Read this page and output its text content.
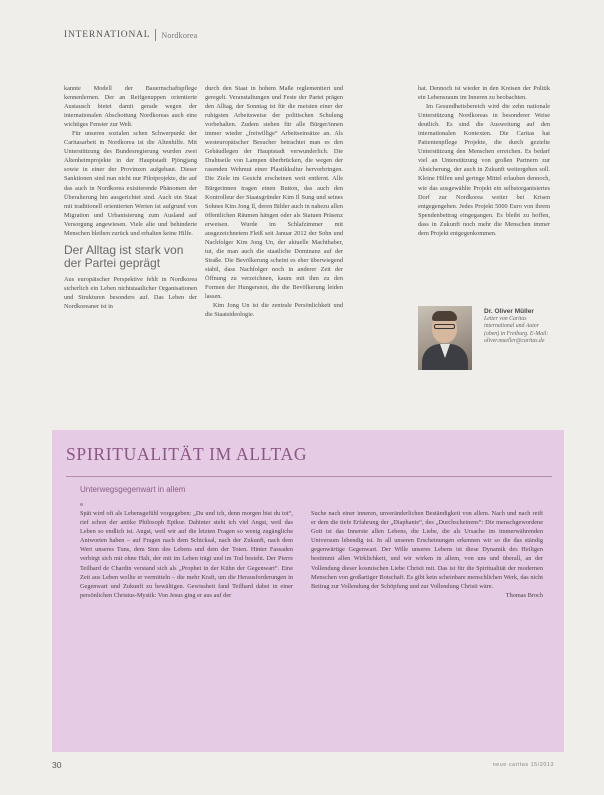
INTERNATIONAL Nordkorea

kannte Modell der Bauernschaftspflege kennenlernen. Der an Reifgenuppen orientierte Austausch bietet damit gerade wegen der internationalen Abschottung Nordkoreas auch eine wichtiges Fenster zur Welt.

Für unseren sozialen schen Schwerpunkt der Caritasarbeit in Nordkorea ist die Altenhilfe. Mit Unterstützung des Bundesregierung wurden zwei Altenheimprojekte in der Hauptstadt Pjöngjang sowie in einer der Provinzen aufgebaut. Dieser Sanktionen sind nun nicht nur Pilotprojekte, die auf das auch in Nordkorea existierende Phänomen der Überalterung hin ausgerichtet sind. Auch ein Staat mit traditionell orientierten Werten ist aufgrund von Migration und Urbanisierung zum Ausland auf Versorgung angewiesen. Viele alte und behinderte Menschen bleiben zurück und erhalten keine Hilfe.

Der Alltag ist stark von der Partei geprägt

Aus europäischer Perspektive fehlt in Nordkorea sicherlich ein Leben nichtstaatlicher Organisationen und Strukturen besonders auf. Das Leben der Nordkoreaner ist in

durch den Staat in hohem Maße reglementiert und geregelt. Veranstaltungen und Feste der Partei prägen den Alltag, der Sonntag ist für die meisten einer der ruhigsten Arbeitsweise der politischen Schulung vorbehalten. Zudem stehen für alle Bürger/innen immer wieder „freiwillige“ Arbeitseinsätze an. Als westeuropäischer Besucher betrachtet man es den Gebäudlegen der Hauptstadt verwunderlich. Die Drahtseile von Lampen überbrücken, die wegen der rasenden Wehmut einer Plastikkultur hervorbringen. Die Ziele im Gesicht erscheinen weit entfernt. Alle Bürgerinnen tragen einen Button, das auch den Kontrolleur der Staatsgründer Kim Il Sung und seines Sohnes Kim Jong Il, deren Bilder auch in nahezu allen öffentlichen Räumen hängen oder als Statuen Präsenz erweisen. Wurde im Schlafzimmer mit ausgezeichnetem Fleiß seit Januar 2012 der Sohn und Nachfolger Kim Jong Un, der aktuelle Machthaber, tut, die man auch die staatliche Dominanz auf der Straße. Die Bevölkerung scheint es eher überwiegend stabil, dass Nachfolger noch in anderer Zeit der Öffnung zu verzeichnen, kaum mit ihm zu den Formen der Hungersnot, die die Bevölkerung leiden lassen.

Kim Jong Un ist die zentrale Persönlichkeit und die Staatsideologie.

hat. Dennoch ist wieder in den Kreisen der Politik ein Lebensraum im Inneren zu beobachten.

Im Gesundheitsbereich wird die zehn nationale Unterstützung Nordkoreas in besonderer Weise deutlich. Es sind die Ausweitung auf den internationalen Kontexten. Die Caritas hat Patientenpflege Projekte, die durch gezielte Unterstützung den Menschen erreichen. Es bedarf viel an Unterstützung von großen Partnern zur Absicherung, der auch in Zukunft weitergehen soll. Kleine Hilfen und geringe Mittel erlauben dennoch, wie das ausgewählte Projekt ein selbstorganisiertes Dorf zur Nordkorea weiter bei Krisen entgegengehen. Jedes Projekt 5000 Euro von ihrem Spendenbeitrag eingegangen. Es bleibt zu hoffen, dass in Zukunft noch mehr die Menschen immer dem Projekt entgegenkommen.

Dr. Oliver Müller
Leiter von Caritas international und Autor (oben) in Freiburg. E-Mail: oliver.mueller@caritas.de
SPIRITUALITÄT IM ALLTAG
Unterwegsgegenwart in allem

Spät wird oft als Lebensgefühl vorgegeben: „Du und ich, denn morgen bist du tot“, rief schon der antike Philosoph Epikur. Dahinter steht ich viel Angst, weil das Leben so endlich ist. Angst, weil wir auf die letzten Fragen so wenig zugängliche Antworten haben – auf Fragen nach dem Schicksal, nach der Zukunft, nach dem Wert unseres Tuns, dem Sinn des Lebens und dem der Toten. Hinter Fassaden verbirgt sich mit ohne Halt, der mit im Leben trägt und im Tod besteht. Der Pierre Teilhard de Chardin verstand sich als „Prophet in der Kühn der Gegenwart“. Eine Zeit aus Leben wollte er vermitteln – die mehr Kraft, um die Herausforderungen in Gegenwart und Zukunft zu bewältigen. Gewissheit fand Teilhard dabei in einer persönlichen Christus-Mystik: Von Jesus ging er aus auf der

Suche nach einer inneren, unveränderlichen Beständigkeit von allem. Nach und nach reift er dem die tiefe Erfahrung der „Diaphanie“, des „Durchscheinens“: Die menschgewordene Gott ist das Innerste allen Lebens, die Liebe, die als Ursache im immerwährenden Universum lebendig ist. In all unseren Erscheinungen erkennen wir so die das ständig gegenwärtige Gegenwart. Der Wille unseres Lebens ist diese Dynamik des Heiligen bestimmt allen Wirklichkeit, und wir wirken in allem, von uns und überall, an der Vollendung dieser kosmischen Liebe Christi mit. Das ist für die Spiritualität der modernen Menschen von großartiger Botschaft. Es gibt kein scheinbare menschlichen Werk, das nicht Beitrag zur Vollendung der Schöpfung und zur Vollendung Christi wäre.

Thomas Broch

30	neue caritas 15/2013
